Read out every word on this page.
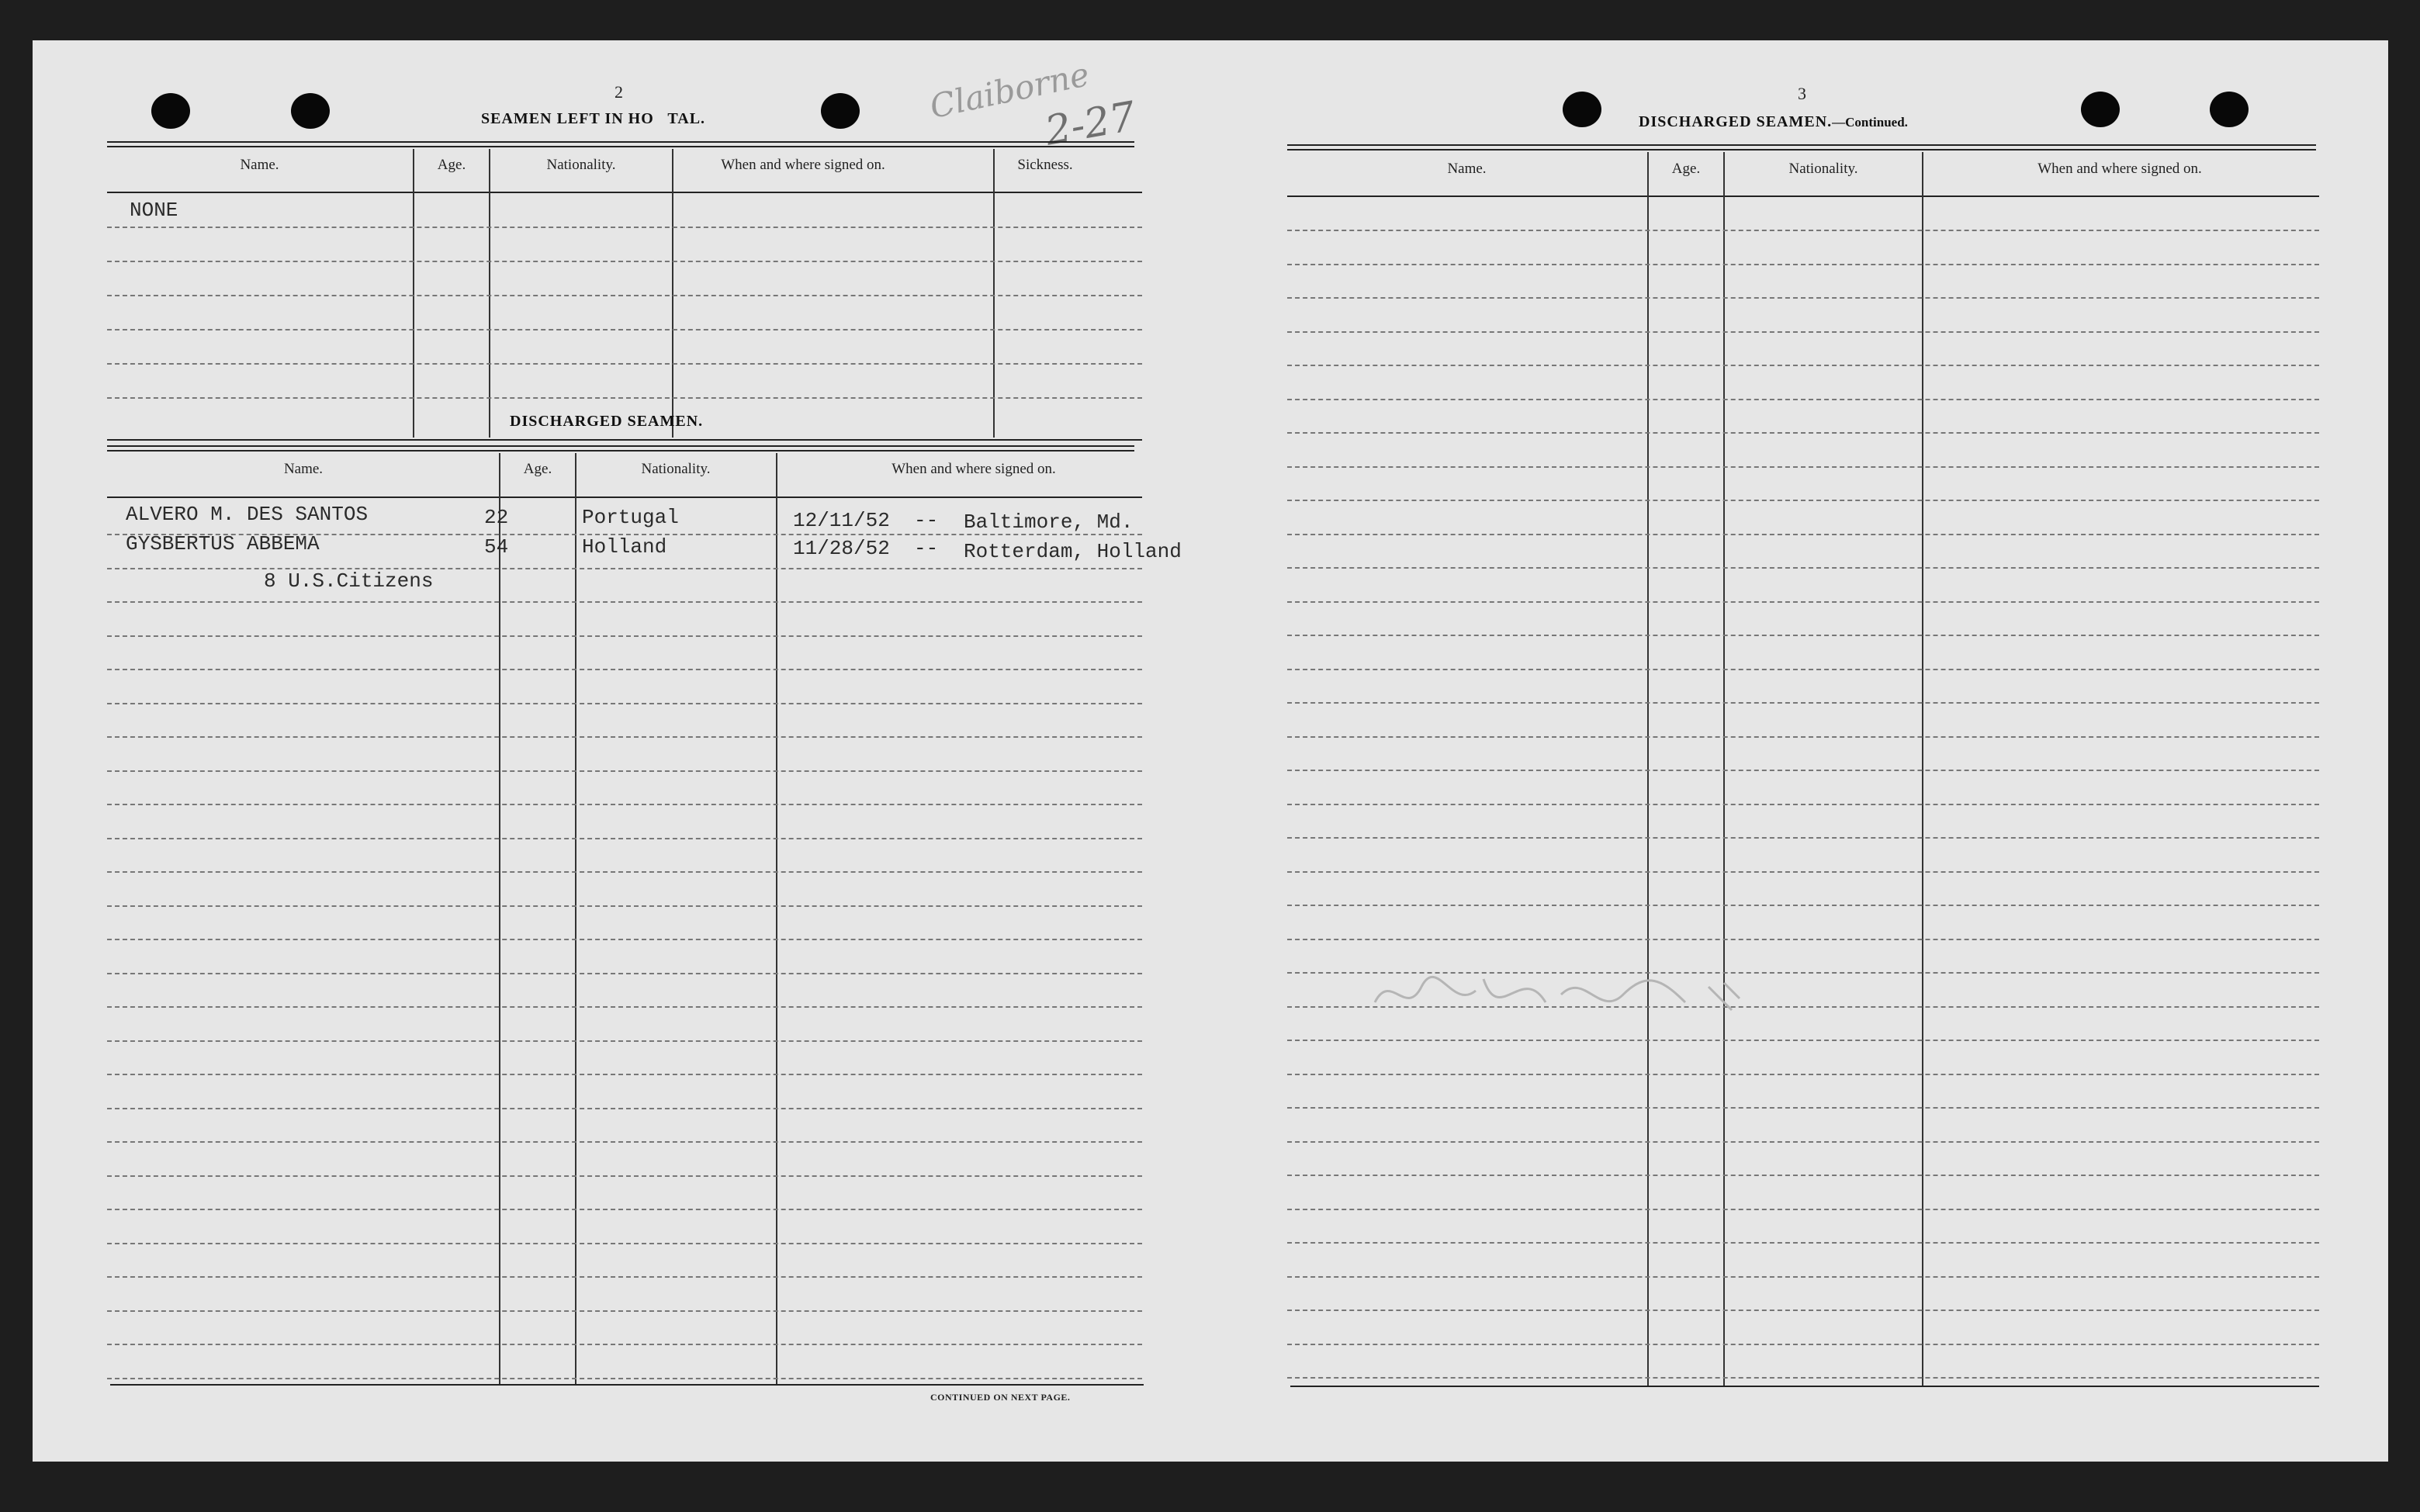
Claiborne
2-27
2
SEAMEN LEFT IN HO   TAL.
Name.	Age.	Nationality.	When and where signed on.	Sickness.
NONE
DISCHARGED SEAMEN.
Name.	Age.	Nationality.	When and where signed on.
ALVERO M. DES SANTOS	22	Portugal	12/11/52 -- Baltimore, Md.
GYSBERTUS ABBEMA	54	Holland	11/28/52 -- Rotterdam, Holland
8 U.S.Citizens
CONTINUED ON NEXT PAGE.
3
DISCHARGED SEAMEN.—Continued.
Name.	Age.	Nationality.	When and where signed on.
